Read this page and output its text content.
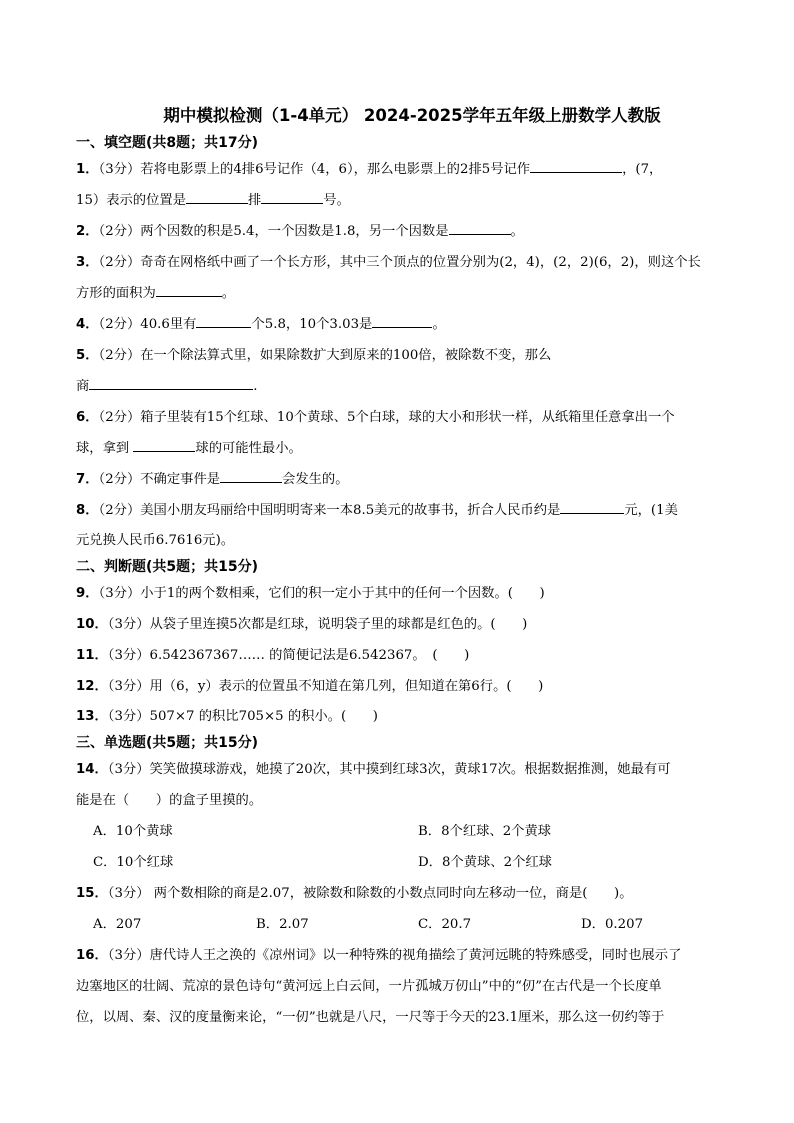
期中模拟检测（1-4单元） 2024-2025学年五年级上册数学人教版
一、填空题(共8题；共17分)
1．（3分）若将电影票上的4排6号记作（4，6），那么电影票上的2排5号记作	，(7，
15）表示的位置是	排	号。
2．（2分）两个因数的积是5.4，一个因数是1.8，另一个因数是	。
3．（2分）奇奇在网格纸中画了一个长方形，其中三个顶点的位置分别为(2，4)，(2，2)(6，2)，则这个长
方形的面积为	。
4．（2分）40.6里有	个5.8，10个3.03是	。
5．（2分）在一个除法算式里，如果除数扩大到原来的100倍，被除数不变，那么
商	.
6．（2分）箱子里装有15个红球、10个黄球、5个白球，球的大小和形状一样，从纸箱里任意拿出一个
球，拿到	球的可能性最小。
7．（2分）不确定事件是	会发生的。
8．（2分）美国小朋友玛丽给中国明明寄来一本8.5美元的故事书，折合人民币约是	元，(1美
元兑换人民币6.7616元)。
二、判断题(共5题；共15分)
9．（3分）小于1的两个数相乘，它们的积一定小于其中的任何一个因数。(　　)
10．（3分）从袋子里连摸5次都是红球，说明袋子里的球都是红色的。(　　)
11．（3分）6.542367367…… 的简便记法是6.542367。　(　　)
12．（3分）用（6，y）表示的位置虽不知道在第几列，但知道在第6行。(　　)
13．（3分）507×7 的积比705×5 的积小。(　　)
三、单选题(共5题；共15分)
14．（3分）笑笑做摸球游戏，她摸了20次，其中摸到红球3次，黄球17次。根据数据推测，她最有可
能是在（　　）的盒子里摸的。
A．10个黄球	B．8个红球、2个黄球
C．10个红球	D．8个黄球、2个红球
15．（3分） 两个数相除的商是2.07，被除数和除数的小数点同时向左移动一位，商是(　　)。
A．207	B．2.07	C．20.7	D．0.207
16．（3分）唐代诗人王之涣的《凉州词》以一种特殊的视角描绘了黄河远眺的特殊感受，同时也展示了
边塞地区的壮阔、荒凉的景色诗句“黄河远上白云间，一片孤城万仞山”中的“仞”在古代是一个长度单
位，以周、秦、汉的度量衡来论，“一仞”也就是八尺，一尺等于今天的23.1厘米，那么这一仞约等于
